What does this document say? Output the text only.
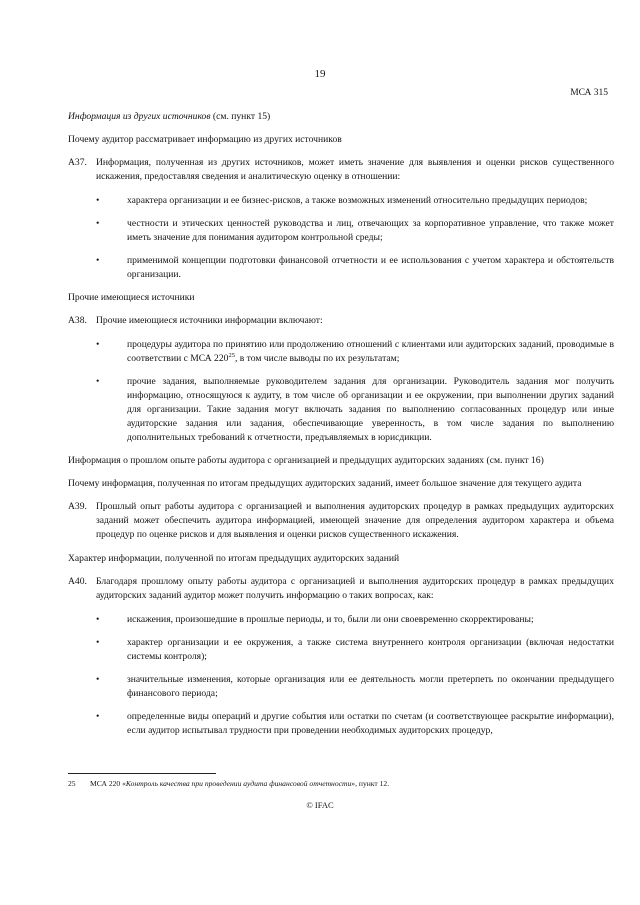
19
МСА 315
Информация из других источников (см. пункт 15)
Почему аудитор рассматривает информацию из других источников
A37. Информация, полученная из других источников, может иметь значение для выявления и оценки рисков существенного искажения, предоставляя сведения и аналитическую оценку в отношении:
•	характера организации и ее бизнес-рисков, а также возможных изменений относительно предыдущих периодов;
•	честности и этических ценностей руководства и лиц, отвечающих за корпоративное управление, что также может иметь значение для понимания аудитором контрольной среды;
•	применимой концепции подготовки финансовой отчетности и ее использования с учетом характера и обстоятельств организации.
Прочие имеющиеся источники
A38. Прочие имеющиеся источники информации включают:
•	процедуры аудитора по принятию или продолжению отношений с клиентами или аудиторских заданий, проводимые в соответствии с МСА $220^{25}$, в том числе выводы по их результатам;
•	прочие задания, выполняемые руководителем задания для организации. Руководитель задания мог получить информацию, относящуюся к аудиту, в том числе об организации и ее окружении, при выполнении других заданий для организации. Такие задания могут включать задания по выполнению согласованных процедур или иные аудиторские задания или задания, обеспечивающие уверенность, в том числе задания по выполнению дополнительных требований к отчетности, предъявляемых в юрисдикции.
Информация о прошлом опыте работы аудитора с организацией и предыдущих аудиторских заданиях (см. пункт 16)
Почему информация, полученная по итогам предыдущих аудиторских заданий, имеет большое значение для текущего аудита
A39. Прошлый опыт работы аудитора с организацией и выполнения аудиторских процедур в рамках предыдущих аудиторских заданий может обеспечить аудитора информацией, имеющей значение для определения аудитором характера и объема процедур по оценке рисков и для выявления и оценки рисков существенного искажения.
Характер информации, полученной по итогам предыдущих аудиторских заданий
A40. Благодаря прошлому опыту работы аудитора с организацией и выполнения аудиторских процедур в рамках предыдущих аудиторских заданий аудитор может получить информацию о таких вопросах, как:
•	искажения, произошедшие в прошлые периоды, и то, были ли они своевременно скорректированы;
•	характер организации и ее окружения, а также система внутреннего контроля организации (включая недостатки системы контроля);
•	значительные изменения, которые организация или ее деятельность могли претерпеть по окончании предыдущего финансового периода;
•	определенные виды операций и другие события или остатки по счетам (и соответствующее раскрытие информации), если аудитор испытывал трудности при проведении необходимых аудиторских процедур,
25	МСА 220 «Контроль качества при проведении аудита финансовой отчетности», пункт 12.
© IFAC
